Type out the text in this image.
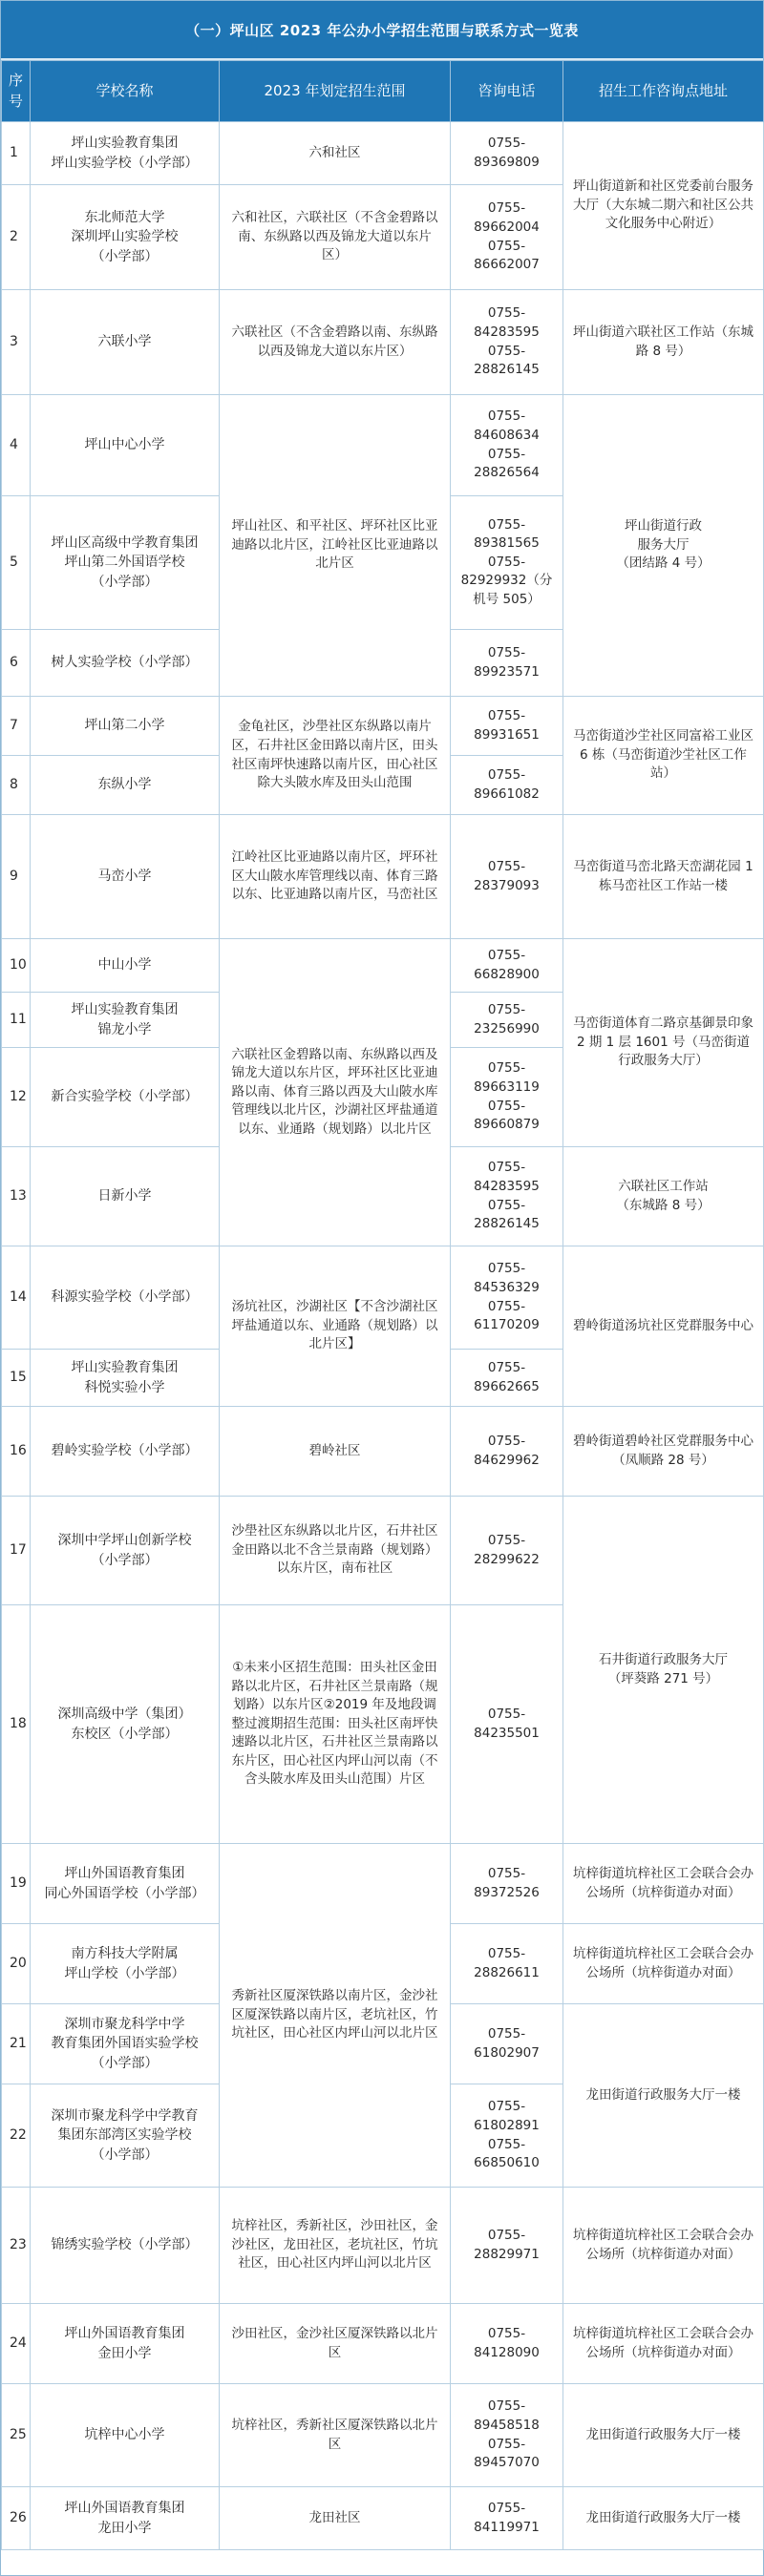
（一）坪山区 2023 年公办小学招生范围与联系方式一览表
序
号	学校名称	2023 年划定招生范围	咨询电话	招生工作咨询点地址
1	坪山实验教育集团
坪山实验学校（小学部）	六和社区	0755-
89369809	坪山街道新和社区党委前台服务大厅（大东城二期六和社区公共文化服务中心附近）
2	东北师范大学
深圳坪山实验学校
（小学部）	六和社区，六联社区（不含金碧路以南、东纵路以西及锦龙大道以东片区）	0755-
89662004
0755-
86662007	
3	六联小学	六联社区（不含金碧路以南、东纵路以西及锦龙大道以东片区）	0755-
84283595
0755-
28826145	坪山街道六联社区工作站（东城路 8 号）
4	坪山中心小学	坪山社区、和平社区、坪环社区比亚迪路以北片区，江岭社区比亚迪路以北片区	0755-
84608634
0755-
28826564	坪山街道行政
服务大厅
（团结路 4 号）
5	坪山区高级中学教育集团
坪山第二外国语学校
（小学部）		0755-
89381565
0755-
82929932（分机号 505）	
6	树人实验学校（小学部）		0755-
89923571	
7	坪山第二小学	金龟社区，沙壆社区东纵路以南片区，石井社区金田路以南片区，田头社区南坪快速路以南片区，田心社区除大头陂水库及田头山范围	0755-
89931651	马峦街道沙坣社区同富裕工业区 6 栋（马峦街道沙坣社区工作站）
8	东纵小学		0755-
89661082	
9	马峦小学	江岭社区比亚迪路以南片区，坪环社区大山陂水库管理线以南、体育三路以东、比亚迪路以南片区，马峦社区	0755-
28379093	马峦街道马峦北路天峦湖花园 1 栋马峦社区工作站一楼
10	中山小学	六联社区金碧路以南、东纵路以西及锦龙大道以东片区，坪环社区比亚迪路以南、体育三路以西及大山陂水库管理线以北片区，沙湖社区坪盐通道以东、业通路（规划路）以北片区	0755-
66828900	马峦街道体育二路京基御景印象 2 期 1 层 1601 号（马峦街道行政服务大厅）
11	坪山实验教育集团
锦龙小学		0755-
23256990	
12	新合实验学校（小学部）		0755-
89663119
0755-
89660879	
13	日新小学		0755-
84283595
0755-
28826145	六联社区工作站
（东城路 8 号）
14	科源实验学校（小学部）	汤坑社区，沙湖社区【不含沙湖社区坪盐通道以东、业通路（规划路）以北片区】	0755-
84536329
0755-
61170209	碧岭街道汤坑社区党群服务中心
15	坪山实验教育集团
科悦实验小学		0755-
89662665	
16	碧岭实验学校（小学部）	碧岭社区	0755-
84629962	碧岭街道碧岭社区党群服务中心（凤顺路 28 号）
17	深圳中学坪山创新学校
（小学部）	沙壆社区东纵路以北片区，石井社区金田路以北不含兰景南路（规划路）以东片区，南布社区	0755-
28299622	石井街道行政服务大厅
（坪葵路 271 号）
18	深圳高级中学（集团）
东校区（小学部）	①未来小区招生范围：田头社区金田路以北片区，石井社区兰景南路（规划路）以东片区②2019 年及地段调整过渡期招生范围：田头社区南坪快速路以北片区，石井社区兰景南路以东片区，田心社区内坪山河以南（不含头陂水库及田头山范围）片区	0755-
84235501	
19	坪山外国语教育集团
同心外国语学校（小学部）	秀新社区厦深铁路以南片区，金沙社区厦深铁路以南片区，老坑社区，竹坑社区，田心社区内坪山河以北片区	0755-
89372526	坑梓街道坑梓社区工会联合会办公场所（坑梓街道办对面）
20	南方科技大学附属
坪山学校（小学部）		0755-
28826611	坑梓街道坑梓社区工会联合会办公场所（坑梓街道办对面）
21	深圳市聚龙科学中学
教育集团外国语实验学校
（小学部）		0755-
61802907	龙田街道行政服务大厅一楼
22	深圳市聚龙科学中学教育
集团东部湾区实验学校
（小学部）		0755-
61802891
0755-
66850610	
23	锦绣实验学校（小学部）	坑梓社区，秀新社区，沙田社区，金沙社区，龙田社区，老坑社区，竹坑社区，田心社区内坪山河以北片区	0755-
28829971	坑梓街道坑梓社区工会联合会办公场所（坑梓街道办对面）
24	坪山外国语教育集团
金田小学	沙田社区，金沙社区厦深铁路以北片区	0755-
84128090	坑梓街道坑梓社区工会联合会办公场所（坑梓街道办对面）
25	坑梓中心小学	坑梓社区，秀新社区厦深铁路以北片区	0755-
89458518
0755-
89457070	龙田街道行政服务大厅一楼
26	坪山外国语教育集团
龙田小学	龙田社区	0755-
84119971	龙田街道行政服务大厅一楼
